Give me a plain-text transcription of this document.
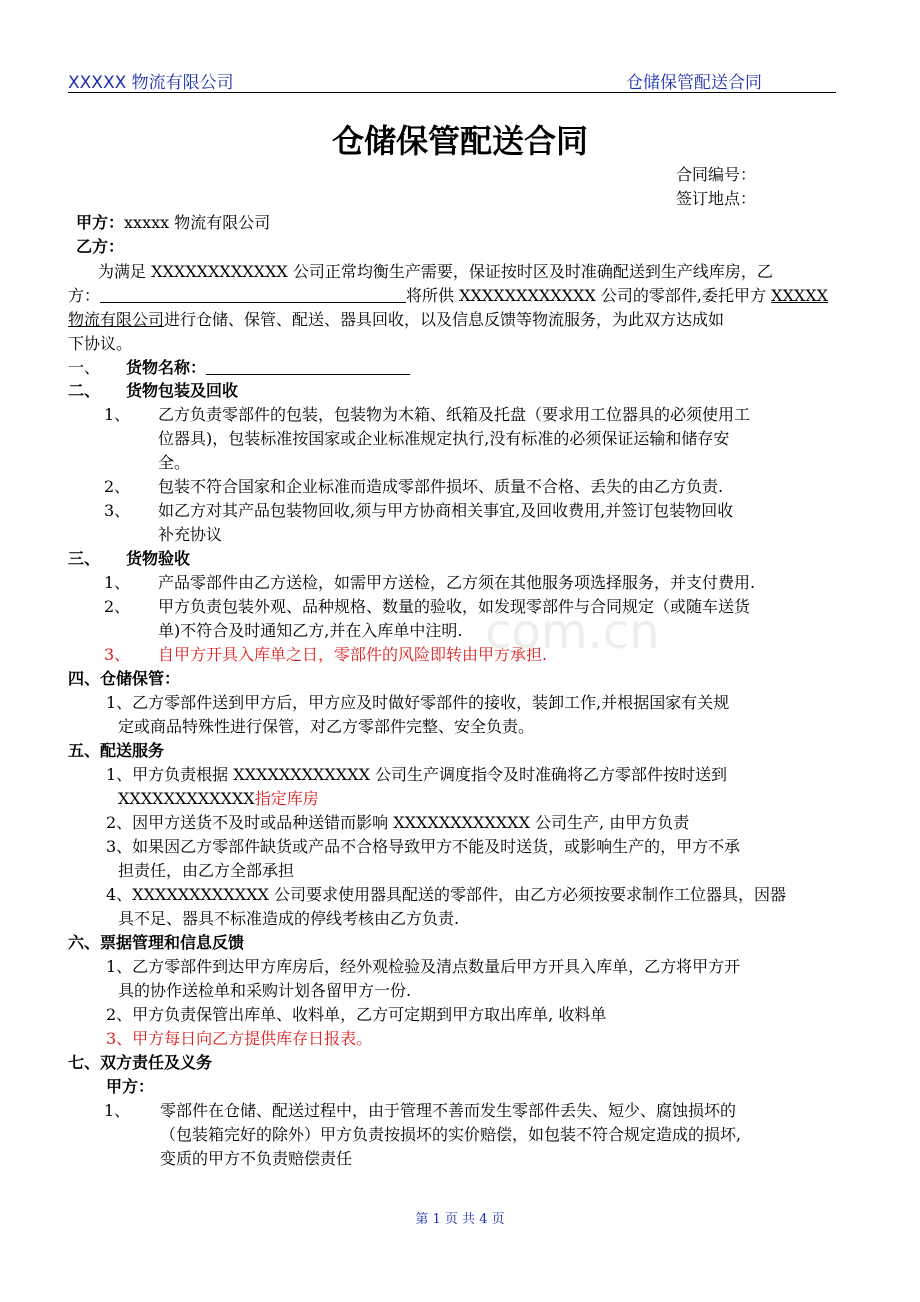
XXXXX 物流有限公司	仓储保管配送合同
仓储保管配送合同
合同编号：
签订地点：
甲方：xxxxx 物流有限公司
乙方：
为满足 XXXXXXXXXXXX 公司正常均衡生产需要，保证按时区及时准确配送到生产线库房，乙
方：	将所供 XXXXXXXXXXXX 公司的零部件,委托甲方 XXXXX
物流有限公司进行仓储、保管、配送、器具回收，以及信息反馈等物流服务，为此双方达成如
下协议。
一、 货物名称：
二、 货物包装及回收
1、 乙方负责零部件的包装，包装物为木箱、纸箱及托盘（要求用工位器具的必须使用工
位器具)，包装标准按国家或企业标准规定执行,没有标准的必须保证运输和储存安
全。
2、 包装不符合国家和企业标准而造成零部件损坏、质量不合格、丢失的由乙方负责.
3、 如乙方对其产品包装物回收,须与甲方协商相关事宜,及回收费用,并签订包装物回收
补充协议
三、 货物验收
1、 产品零部件由乙方送检，如需甲方送检，乙方须在其他服务项选择服务，并支付费用.
2、 甲方负责包装外观、品种规格、数量的验收，如发现零部件与合同规定（或随车送货
单)不符合及时通知乙方,并在入库单中注明.
3、 自甲方开具入库单之日，零部件的风险即转由甲方承担.
com.cn
四、仓储保管：
1、乙方零部件送到甲方后，甲方应及时做好零部件的接收，装卸工作,并根据国家有关规
定或商品特殊性进行保管，对乙方零部件完整、安全负责。
五、配送服务
1、甲方负责根据 XXXXXXXXXXXX 公司生产调度指令及时准确将乙方零部件按时送到
XXXXXXXXXXXX指定库房
2、因甲方送货不及时或品种送错而影响 XXXXXXXXXXXX 公司生产, 由甲方负责
3、如果因乙方零部件缺货或产品不合格导致甲方不能及时送货，或影响生产的，甲方不承
担责任，由乙方全部承担
4、XXXXXXXXXXXX 公司要求使用器具配送的零部件，由乙方必须按要求制作工位器具，因器
具不足、器具不标准造成的停线考核由乙方负责.
六、票据管理和信息反馈
1、乙方零部件到达甲方库房后，经外观检验及清点数量后甲方开具入库单，乙方将甲方开
具的协作送检单和采购计划各留甲方一份.
2、甲方负责保管出库单、收料单，乙方可定期到甲方取出库单, 收料单
3、甲方每日向乙方提供库存日报表。
七、双方责任及义务
甲方：
1、 零部件在仓储、配送过程中，由于管理不善而发生零部件丢失、短少、腐蚀损坏的
（包装箱完好的除外）甲方负责按损坏的实价赔偿，如包装不符合规定造成的损坏,
变质的甲方不负责赔偿责任
第 1 页 共 4 页
